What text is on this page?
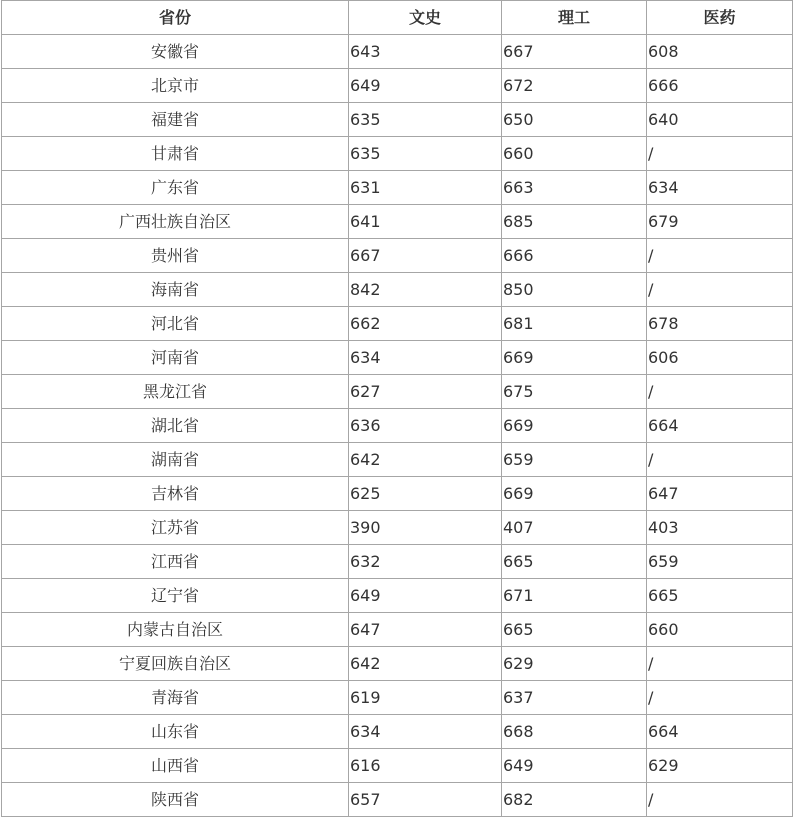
省份	文史	理工	医药
安徽省	643	667	608
北京市	649	672	666
福建省	635	650	640
甘肃省	635	660	/
广东省	631	663	634
广西壮族自治区	641	685	679
贵州省	667	666	/
海南省	842	850	/
河北省	662	681	678
河南省	634	669	606
黑龙江省	627	675	/
湖北省	636	669	664
湖南省	642	659	/
吉林省	625	669	647
江苏省	390	407	403
江西省	632	665	659
辽宁省	649	671	665
内蒙古自治区	647	665	660
宁夏回族自治区	642	629	/
青海省	619	637	/
山东省	634	668	664
山西省	616	649	629
陕西省	657	682	/
